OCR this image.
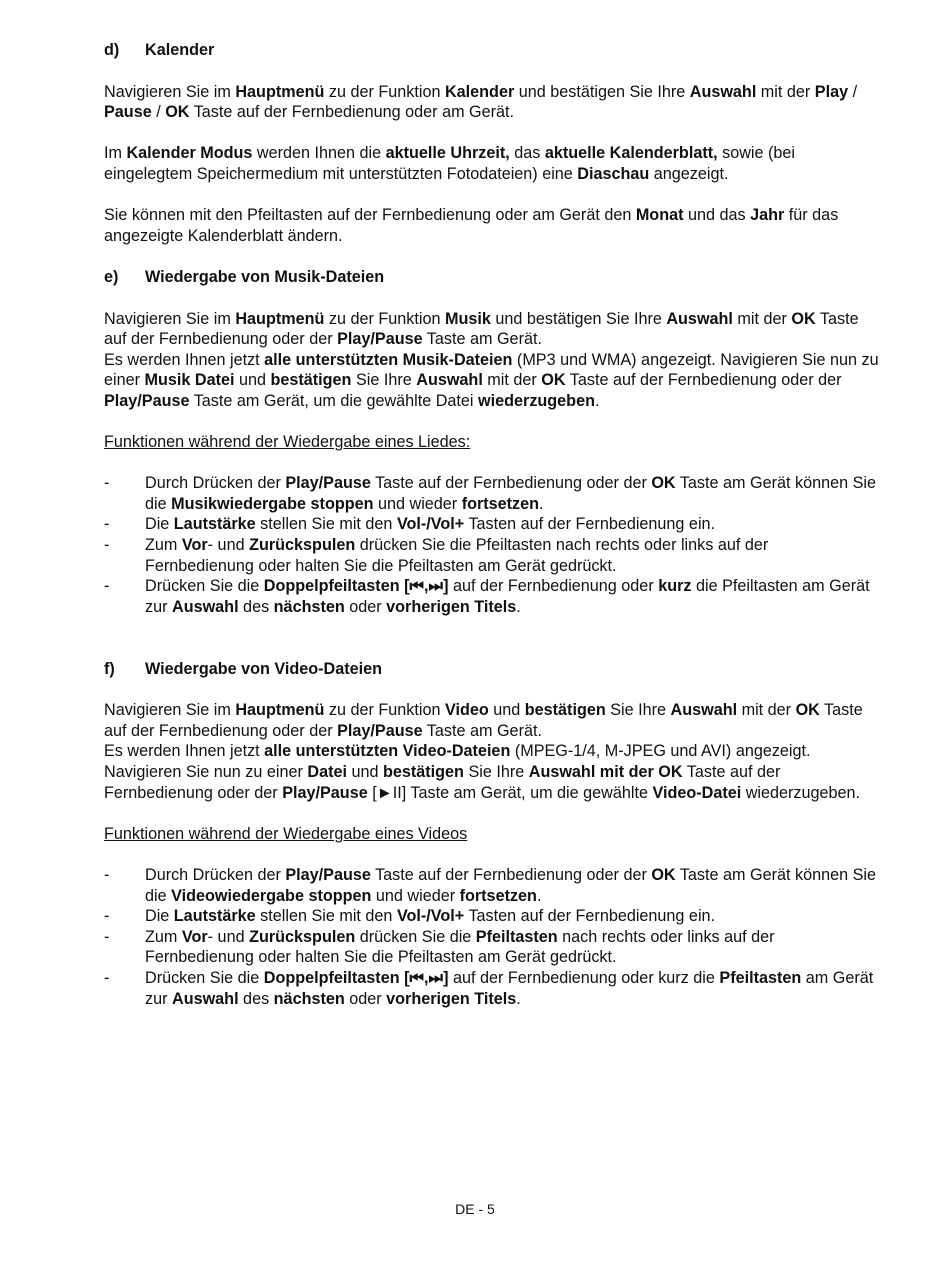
d) Kalender

Navigieren Sie im Hauptmenü zu der Funktion Kalender und bestätigen Sie Ihre Auswahl mit der Play / Pause / OK Taste auf der Fernbedienung oder am Gerät.

Im Kalender Modus werden Ihnen die aktuelle Uhrzeit, das aktuelle Kalenderblatt, sowie (bei eingelegtem Speichermedium mit unterstützten Fotodateien) eine Diaschau angezeigt.

Sie können mit den Pfeiltasten auf der Fernbedienung oder am Gerät den Monat und das Jahr für das angezeigte Kalenderblatt ändern.

e) Wiedergabe von Musik-Dateien

Navigieren Sie im Hauptmenü zu der Funktion Musik und bestätigen Sie Ihre Auswahl mit der OK Taste auf der Fernbedienung oder der Play/Pause Taste am Gerät.

Es werden Ihnen jetzt alle unterstützten Musik-Dateien (MP3 und WMA) angezeigt. Navigieren Sie nun zu einer Musik Datei und bestätigen Sie Ihre Auswahl mit der OK Taste auf der Fernbedienung oder der Play/Pause Taste am Gerät, um die gewählte Datei wiederzugeben.

Funktionen während der Wiedergabe eines Liedes:
- Durch Drücken der Play/Pause Taste auf der Fernbedienung oder der OK Taste am Gerät können Sie die Musikwiedergabe stoppen und wieder fortsetzen.
- Die Lautstärke stellen Sie mit den Vol-/Vol+ Tasten auf der Fernbedienung ein.
- Zum Vor- und Zurückspulen drücken Sie die Pfeiltasten nach rechts oder links auf der Fernbedienung oder halten Sie die Pfeiltasten am Gerät gedrückt.
- Drücken Sie die Doppelpfeiltasten [⏮,⏭] auf der Fernbedienung oder kurz die Pfeiltasten am Gerät zur Auswahl des nächsten oder vorherigen Titels.
f) Wiedergabe von Video-Dateien

Navigieren Sie im Hauptmenü zu der Funktion Video und bestätigen Sie Ihre Auswahl mit der OK Taste auf der Fernbedienung oder der Play/Pause Taste am Gerät.

Es werden Ihnen jetzt alle unterstützten Video-Dateien (MPEG-1/4, M-JPEG und AVI) angezeigt. Navigieren Sie nun zu einer Datei und bestätigen Sie Ihre Auswahl mit der OK Taste auf der Fernbedienung oder der Play/Pause [►II] Taste am Gerät, um die gewählte Video-Datei wiederzugeben.

Funktionen während der Wiedergabe eines Videos
- Durch Drücken der Play/Pause Taste auf der Fernbedienung oder der OK Taste am Gerät können Sie die Videowiedergabe stoppen und wieder fortsetzen.
- Die Lautstärke stellen Sie mit den Vol-/Vol+ Tasten auf der Fernbedienung ein.
- Zum Vor- und Zurückspulen drücken Sie die Pfeiltasten nach rechts oder links auf der Fernbedienung oder halten Sie die Pfeiltasten am Gerät gedrückt.
- Drücken Sie die Doppelpfeiltasten [⏮,⏭] auf der Fernbedienung oder kurz die Pfeiltasten am Gerät zur Auswahl des nächsten oder vorherigen Titels.
DE - 5
